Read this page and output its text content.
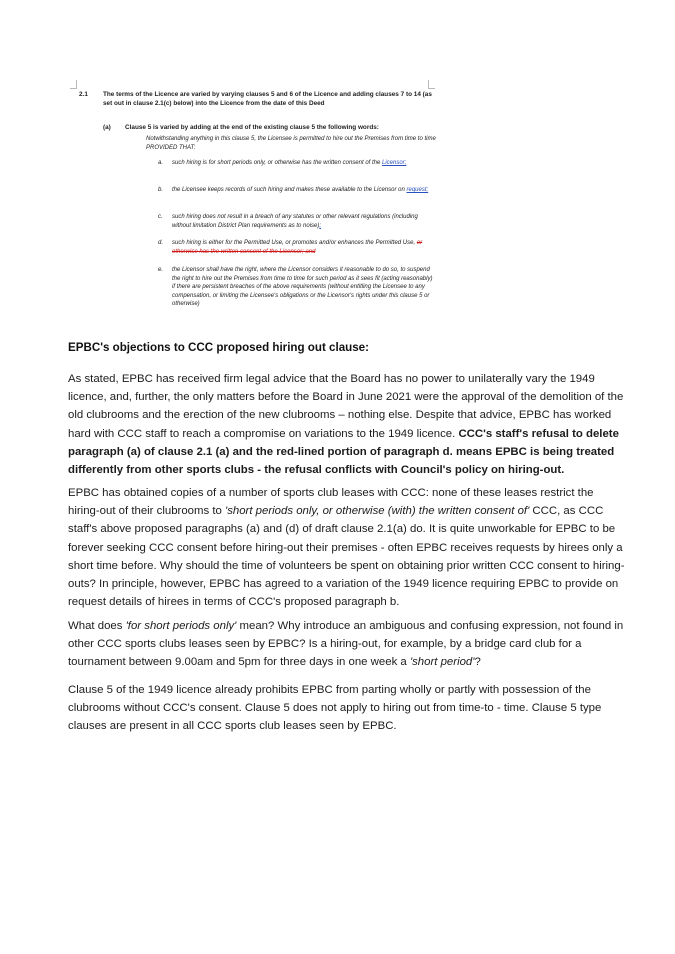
2.1 The terms of the Licence are varied by varying clauses 5 and 6 of the Licence and adding clauses 7 to 14 (as set out in clause 2.1(c) below) into the Licence from the date of this Deed
(a) Clause 5 is varied by adding at the end of the existing clause 5 the following words:
Notwithstanding anything in this clause 5, the Licensee is permitted to hire out the Premises from time to time PROVIDED THAT:
a. such hiring is for short periods only, or otherwise has the written consent of the Licensor;
b. the Licensee keeps records of such hiring and makes these available to the Licensor on request;
c. such hiring does not result in a breach of any statutes or other relevant regulations (including without limitation District Plan requirements as to noise);
d. such hiring is either for the Permitted Use, or promotes and/or enhances the Permitted Use, or otherwise has the written consent of the Licensor; and
e. the Licensor shall have the right, where the Licensor considers it reasonable to do so, to suspend the right to hire out the Premises from time to time for such period as it sees fit (acting reasonably) if there are persistent breaches of the above requirements (without entitling the Licensee to any compensation, or limiting the Licensee's obligations or the Licensor's rights under this clause 5 or otherwise)
EPBC's objections to CCC proposed hiring out clause:
As stated, EPBC has received firm legal advice that the Board has no power to unilaterally vary the 1949 licence, and, further, the only matters before the Board in June 2021 were the approval of the demolition of the old clubrooms and the erection of the new clubrooms – nothing else. Despite that advice, EPBC has worked hard with CCC staff to reach a compromise on variations to the 1949 licence. CCC's staff's refusal to delete paragraph (a) of clause 2.1 (a) and the red-lined portion of paragraph d. means EPBC is being treated differently from other sports clubs - the refusal conflicts with Council's policy on hiring-out.
EPBC has obtained copies of a number of sports club leases with CCC: none of these leases restrict the hiring-out of their clubrooms to 'short periods only, or otherwise (with) the written consent of' CCC, as CCC staff's above proposed paragraphs (a) and (d) of draft clause 2.1(a) do. It is quite unworkable for EPBC to be forever seeking CCC consent before hiring-out their premises - often EPBC receives requests by hirees only a short time before. Why should the time of volunteers be spent on obtaining prior written CCC consent to hiring-outs? In principle, however, EPBC has agreed to a variation of the 1949 licence requiring EPBC to provide on request details of hirees in terms of CCC's proposed paragraph b.
What does 'for short periods only' mean? Why introduce an ambiguous and confusing expression, not found in other CCC sports clubs leases seen by EPBC? Is a hiring-out, for example, by a bridge card club for a tournament between 9.00am and 5pm for three days in one week a 'short period'?
Clause 5 of the 1949 licence already prohibits EPBC from parting wholly or partly with possession of the clubrooms without CCC's consent. Clause 5 does not apply to hiring out from time-to - time. Clause 5 type clauses are present in all CCC sports club leases seen by EPBC.
